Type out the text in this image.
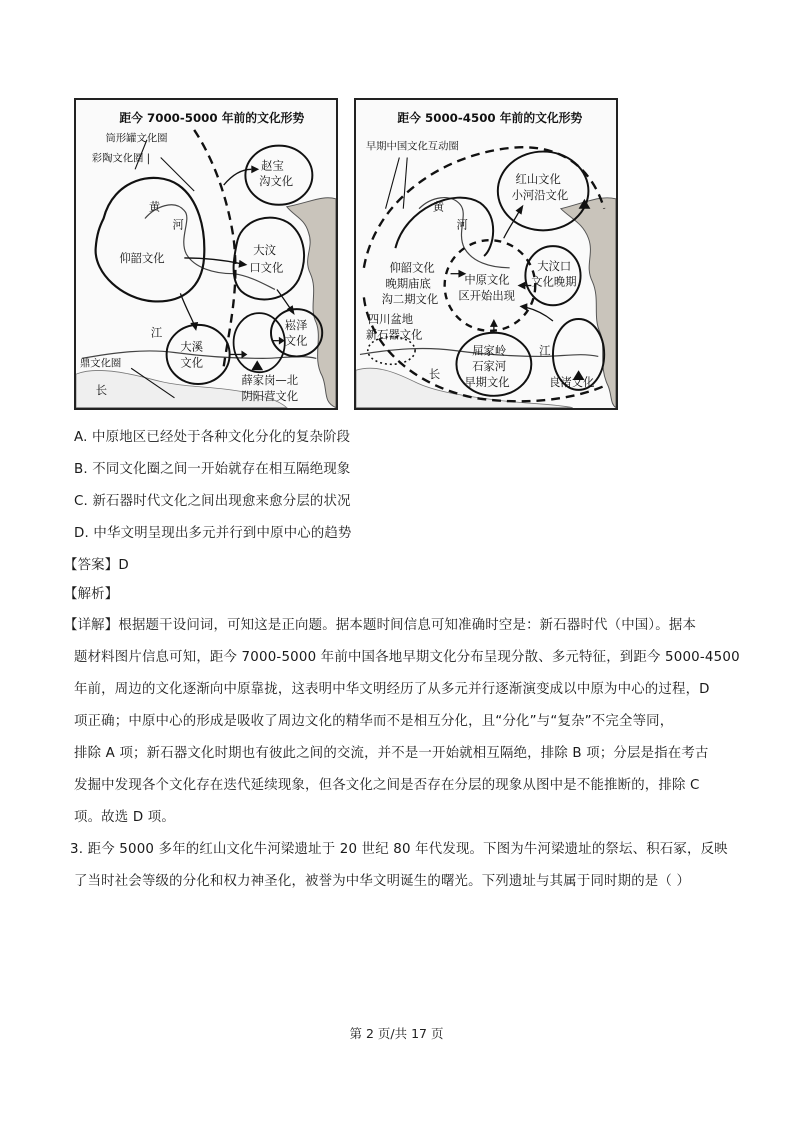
距今 7000-5000 年前的文化形势
筒形罐文化圈
彩陶文化圈 |	赵宝
沟文化
黄
河
仰韶文化
大汶
口文化
大溪
文化
崧泽
文化
江
长
鼎文化圈
薛家岗—北
阴阳营文化
距今 5000-4500 年前的文化形势
早期中国文化互动圈
红山文化
小河沿文化
黄
河
仰韶文化
晚期庙底
沟二期文化
中原文化
区开始出现
大汶口
文化晚期
四川盆地
新石器文化
屈家岭
石家河
早期文化
江
长
良渚文化
A. 中原地区已经处于各种文化分化的复杂阶段
B. 不同文化圈之间一开始就存在相互隔绝现象
C. 新石器时代文化之间出现愈来愈分层的状况
D. 中华文明呈现出多元并行到中原中心的趋势
【答案】D
【解析】
【详解】根据题干设问词，可知这是正向题。据本题时间信息可知准确时空是：新石器时代（中国）。据本
题材料图片信息可知，距今 7000-5000 年前中国各地早期文化分布呈现分散、多元特征，到距今 5000-4500
年前，周边的文化逐渐向中原靠拢，这表明中华文明经历了从多元并行逐渐演变成以中原为中心的过程，D
项正确；中原中心的形成是吸收了周边文化的精华而不是相互分化，且“分化”与“复杂”不完全等同，
排除 A 项；新石器文化时期也有彼此之间的交流，并不是一开始就相互隔绝，排除 B 项；分层是指在考古
发掘中发现各个文化存在迭代延续现象，但各文化之间是否存在分层的现象从图中是不能推断的，排除 C
项。故选 D 项。
3. 距今 5000 多年的红山文化牛河梁遗址于 20 世纪 80 年代发现。下图为牛河梁遗址的祭坛、积石冢，反映
了当时社会等级的分化和权力神圣化，被誉为中华文明诞生的曙光。下列遗址与其属于同时期的是（ ）
第 2 页/共 17 页
